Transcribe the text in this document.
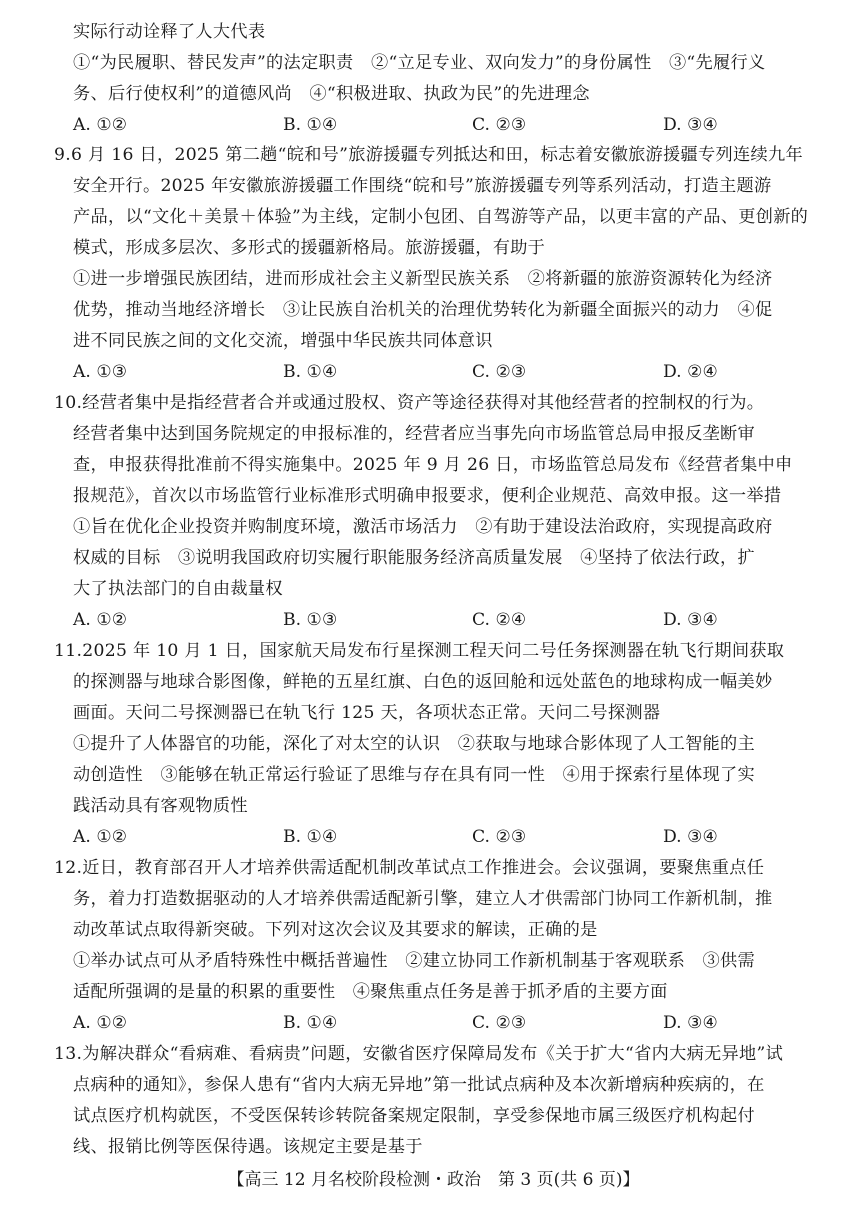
实际行动诠释了人大代表
①“为民履职、替民发声”的法定职责　②“立足专业、双向发力”的身份属性　③“先履行义
务、后行使权利”的道德风尚　④“积极进取、执政为民”的先进理念
A. ①②	B. ①④	C. ②③	D. ③④
9.6 月 16 日，2025 第二趟“皖和号”旅游援疆专列抵达和田，标志着安徽旅游援疆专列连续九年
安全开行。2025 年安徽旅游援疆工作围绕“皖和号”旅游援疆专列等系列活动，打造主题游
产品，以“文化＋美景＋体验”为主线，定制小包团、自驾游等产品，以更丰富的产品、更创新的
模式，形成多层次、多形式的援疆新格局。旅游援疆，有助于
①进一步增强民族团结，进而形成社会主义新型民族关系　②将新疆的旅游资源转化为经济
优势，推动当地经济增长　③让民族自治机关的治理优势转化为新疆全面振兴的动力　④促
进不同民族之间的文化交流，增强中华民族共同体意识
A. ①③	B. ①④	C. ②③	D. ②④
10.经营者集中是指经营者合并或通过股权、资产等途径获得对其他经营者的控制权的行为。
经营者集中达到国务院规定的申报标准的，经营者应当事先向市场监管总局申报反垄断审
查，申报获得批准前不得实施集中。2025 年 9 月 26 日，市场监管总局发布《经营者集中申
报规范》，首次以市场监管行业标准形式明确申报要求，便利企业规范、高效申报。这一举措
①旨在优化企业投资并购制度环境，激活市场活力　②有助于建设法治政府，实现提高政府
权威的目标　③说明我国政府切实履行职能服务经济高质量发展　④坚持了依法行政，扩
大了执法部门的自由裁量权
A. ①②	B. ①③	C. ②④	D. ③④
11.2025 年 10 月 1 日，国家航天局发布行星探测工程天问二号任务探测器在轨飞行期间获取
的探测器与地球合影图像，鲜艳的五星红旗、白色的返回舱和远处蓝色的地球构成一幅美妙
画面。天问二号探测器已在轨飞行 125 天，各项状态正常。天问二号探测器
①提升了人体器官的功能，深化了对太空的认识　②获取与地球合影体现了人工智能的主
动创造性　③能够在轨正常运行验证了思维与存在具有同一性　④用于探索行星体现了实
践活动具有客观物质性
A. ①②	B. ①④	C. ②③	D. ③④
12.近日，教育部召开人才培养供需适配机制改革试点工作推进会。会议强调，要聚焦重点任
务，着力打造数据驱动的人才培养供需适配新引擎，建立人才供需部门协同工作新机制，推
动改革试点取得新突破。下列对这次会议及其要求的解读，正确的是
①举办试点可从矛盾特殊性中概括普遍性　②建立协同工作新机制基于客观联系　③供需
适配所强调的是量的积累的重要性　④聚焦重点任务是善于抓矛盾的主要方面
A. ①②	B. ①④	C. ②③	D. ③④
13.为解决群众“看病难、看病贵”问题，安徽省医疗保障局发布《关于扩大“省内大病无异地”试
点病种的通知》，参保人患有“省内大病无异地”第一批试点病种及本次新增病种疾病的，在
试点医疗机构就医，不受医保转诊转院备案规定限制，享受参保地市属三级医疗机构起付
线、报销比例等医保待遇。该规定主要是基于
【高三 12 月名校阶段检测・政治　第 3 页(共 6 页)】
